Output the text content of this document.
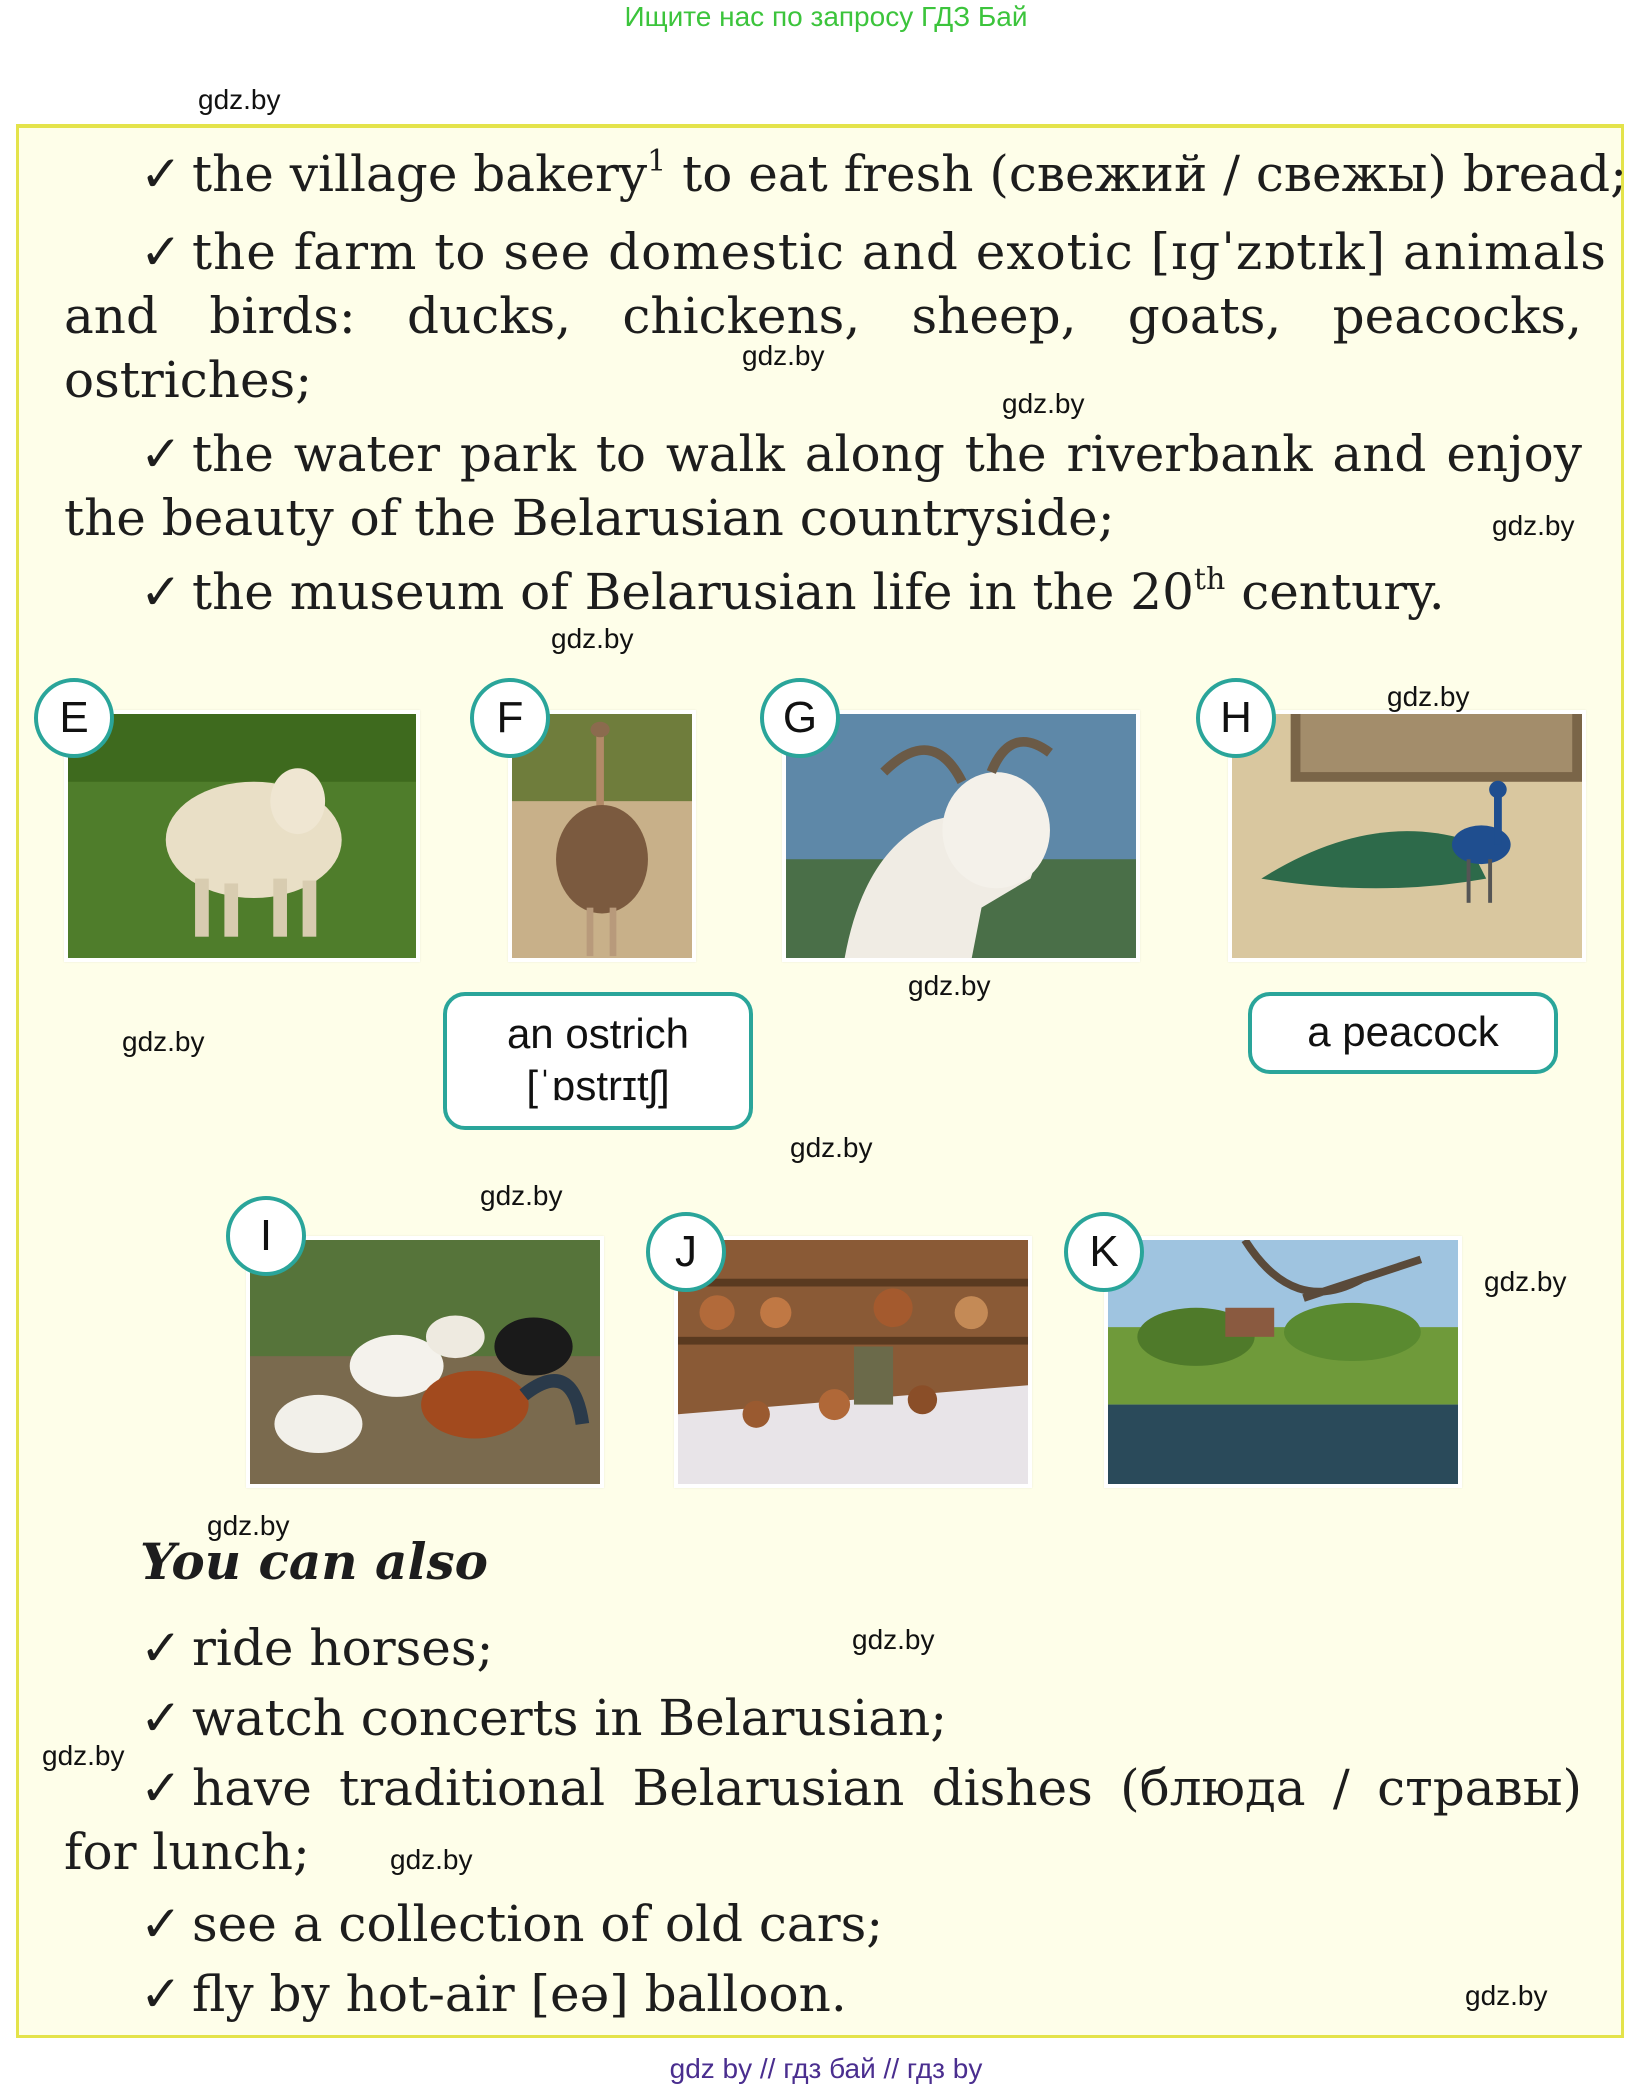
Ищите нас по запросу ГДЗ Бай
gdz.by
gdz.by
gdz.by
gdz.by
gdz.by
gdz.by
gdz.by
gdz.by
gdz.by
gdz.by
gdz.by
gdz.by
gdz.by
gdz.by
gdz.by
gdz.by
✓ the village bakery$^1$ to eat fresh (свежий / свежы) bread;
✓ the farm to see domestic and exotic [ɪɡˈzɒtɪk] animals
and birds: ducks, chickens, sheep, goats, peacocks,
ostriches;
✓ the water park to walk along the riverbank and enjoy
the beauty of the Belarusian countryside;
✓ the museum of Belarusian life in the 20th century.
E	F	G	H
an ostrich
[ˈɒstrɪtʃ]
a peacock
I	J	K
You can also
✓ ride horses;
✓ watch concerts in Belarusian;
✓ have traditional Belarusian dishes (блюда / стравы)
for lunch;
✓ see a collection of old cars;
✓ fly by hot-air [eə] balloon.
gdz by // гдз бай // гдз by
